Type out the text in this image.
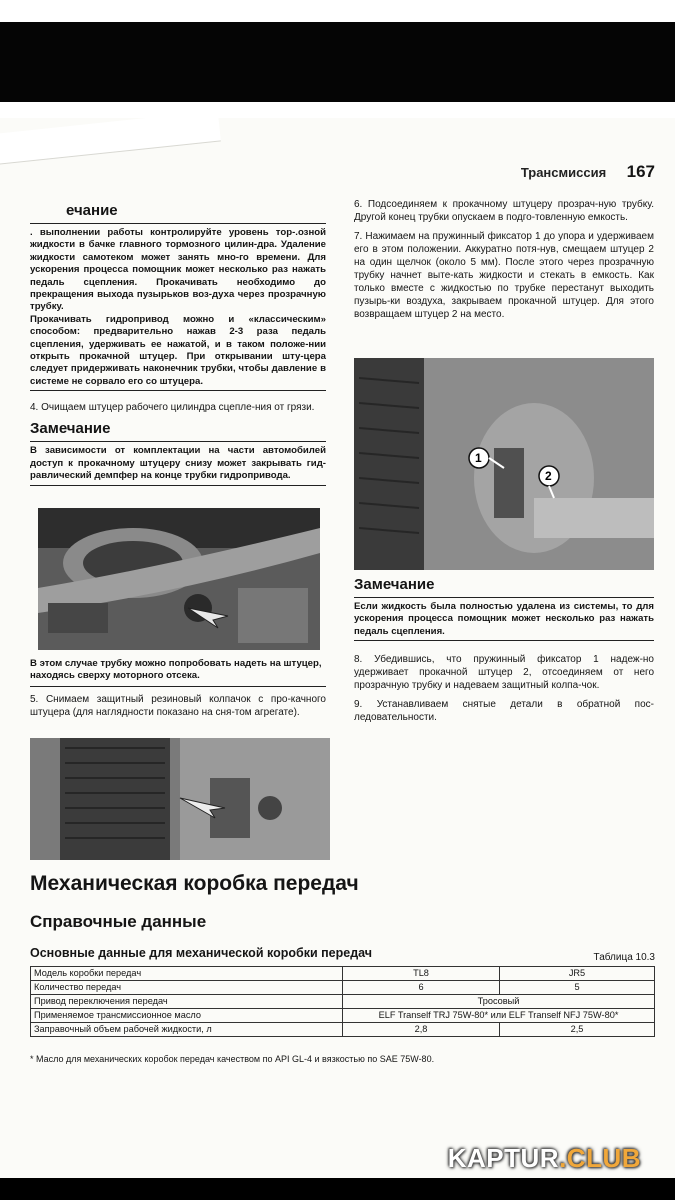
Трансмиссия 167
ечание

. выполнении работы контролируйте уровень тор-.озной жидкости в бачке главного тормозного цилин-дра. Удаление жидкости самотеком может занять мно-го времени. Для ускорения процесса помощник может несколько раз нажать педаль сцепления. Прокачивать необходимо до прекращения выхода пузырьков воз-духа через прозрачную трубку.

Прокачивать гидропривод можно и «классическим» способом: предварительно нажав 2-3 раза педаль сцепления, удерживать ее нажатой, и в таком положе-нии открыть прокачной штуцер. При открывании шту-цера следует придерживать наконечник трубки, чтобы давление в системе не сорвало его со штуцера.

4. Очищаем штуцер рабочего цилиндра сцепле-ния от грязи.
Замечание

В зависимости от комплектации на части автомобилей доступ к прокачному штуцеру снизу может закрывать гид-равлический демпфер на конце трубки гидропривода.

В этом случае трубку можно попробовать надеть на штуцер, находясь сверху моторного отсека.
5. Снимаем защитный резиновый колпачок с про-качного штуцера (для наглядности показано на сня-том агрегате).
6. Подсоединяем к прокачному штуцеру прозрач-ную трубку. Другой конец трубки опускаем в подго-товленную емкость.
7. Нажимаем на пружинный фиксатор 1 до упора и удерживаем его в этом положении. Аккуратно потя-нув, смещаем штуцер 2 на один щелчок (около 5 мм). После этого через прозрачную трубку начнет выте-кать жидкости и стекать в емкость. Как только вместе с жидкостью по трубке перестанут выходить пузырь-ки воздуха, закрываем прокачной штуцер. Для этого возвращаем штуцер 2 на место.
1
2
Замечание

Если жидкость была полностью удалена из системы, то для ускорения процесса помощник может несколько раз нажать педаль сцепления.

8. Убедившись, что пружинный фиксатор 1 надеж-но удерживает прокачной штуцер 2, отсоединяем от него прозрачную трубку и надеваем защитный колпа-чок.
9. Устанавливаем снятые детали в обратной пос-ледовательности.
Механическая коробка передач
Справочные данные
Основные данные для механической коробки передач	Таблица 10.3
Модель коробки передач	TL8	JR5
Количество передач	6	5
Привод переключения передач	Тросовый	
Применяемое трансмиссионное масло	ELF Tranself TRJ 75W-80* или ELF Tranself NFJ 75W-80*	
Заправочный объем рабочей жидкости, л	2,8	2,5
* Масло для механических коробок передач качеством по API GL-4 и вязкостью по SAE 75W-80.
KAPTUR.CLUB
